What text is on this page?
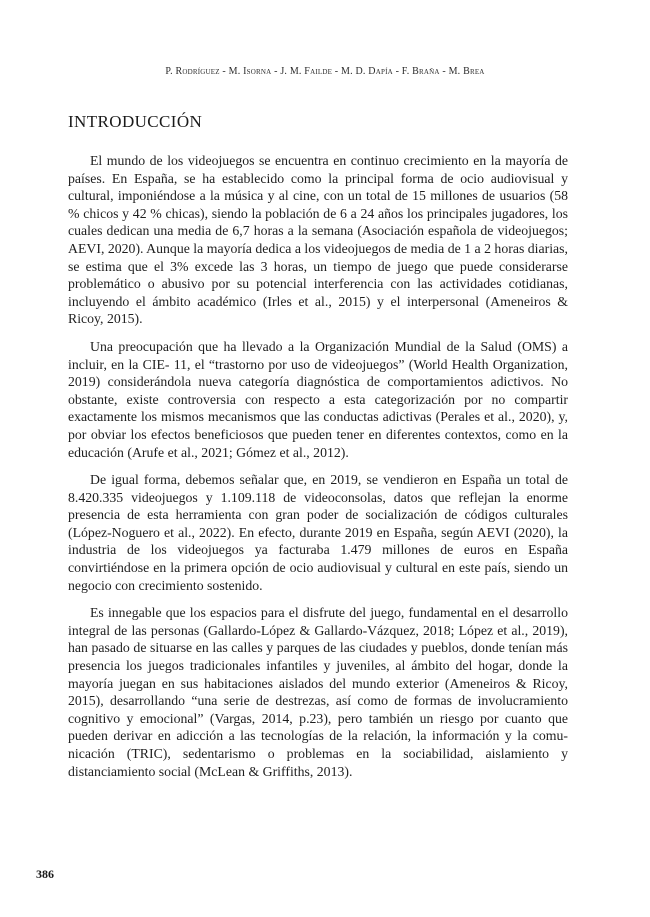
P. Rodríguez - M. Isorna - J. M. Failde - M. D. Dapía - F. Braña - M. Brea
INTRODUCCIÓN

El mundo de los videojuegos se encuentra en continuo crecimiento en la mayoría de países. En España, se ha establecido como la principal forma de ocio audiovisual y cultural, imponiéndose a la música y al cine, con un total de 15 millones de usuarios (58 % chicos y 42 % chicas), siendo la población de 6 a 24 años los principales jugadores, los cuales dedican una media de 6,7 horas a la semana (Asociación española de videojuegos; AEVI, 2020). Aunque la mayoría dedica a los videojuegos de media de 1 a 2 horas diarias, se estima que el 3% excede las 3 horas, un tiempo de juego que puede considerarse problemático o abusivo por su potencial interferencia con las actividades cotidianas, incluyendo el ámbito académico (Irles et al., 2015) y el interpersonal (Ameneiros & Ricoy, 2015).

Una preocupación que ha llevado a la Organización Mundial de la Salud (OMS) a incluir, en la CIE- 11, el “trastorno por uso de videojuegos” (World Health Organization, 2019) considerándola nueva categoría diagnóstica de comportamientos adictivos. No obstante, existe controversia con respecto a esta categorización por no compartir exactamente los mismos mecanismos que las conductas adictivas (Perales et al., 2020), y, por obviar los efectos beneficiosos que pueden tener en diferentes contextos, como en la educación (Arufe et al., 2021; Gómez et al., 2012).

De igual forma, debemos señalar que, en 2019, se vendieron en España un total de 8.420.335 videojuegos y 1.109.118 de videoconsolas, datos que reflejan la enorme presencia de esta herramienta con gran poder de socialización de códigos culturales (López-Noguero et al., 2022). En efecto, durante 2019 en España, según AEVI (2020), la industria de los videojuegos ya facturaba 1.479 millones de euros en España convirtiéndose en la primera opción de ocio audiovisual y cultural en este país, siendo un negocio con crecimiento sostenido.

Es innegable que los espacios para el disfrute del juego, fundamental en el desarrollo integral de las personas (Gallardo-López & Gallardo-Vázquez, 2018; López et al., 2019), han pasado de situarse en las calles y parques de las ciudades y pueblos, donde tenían más presencia los juegos tradicionales infantiles y juveniles, al ámbito del hogar, donde la mayoría juegan en sus habitaciones aislados del mundo exterior (Ameneiros & Ricoy, 2015), desarrollando “una serie de destrezas, así como de formas de involucramiento cognitivo y emocional” (Vargas, 2014, p.23), pero también un riesgo por cuanto que pueden derivar en adicción a las tecnologías de la relación, la información y la comunicación (TRIC), sedentarismo o problemas en la sociabilidad, aislamiento y distanciamiento social (McLean & Griffiths, 2013).

386
